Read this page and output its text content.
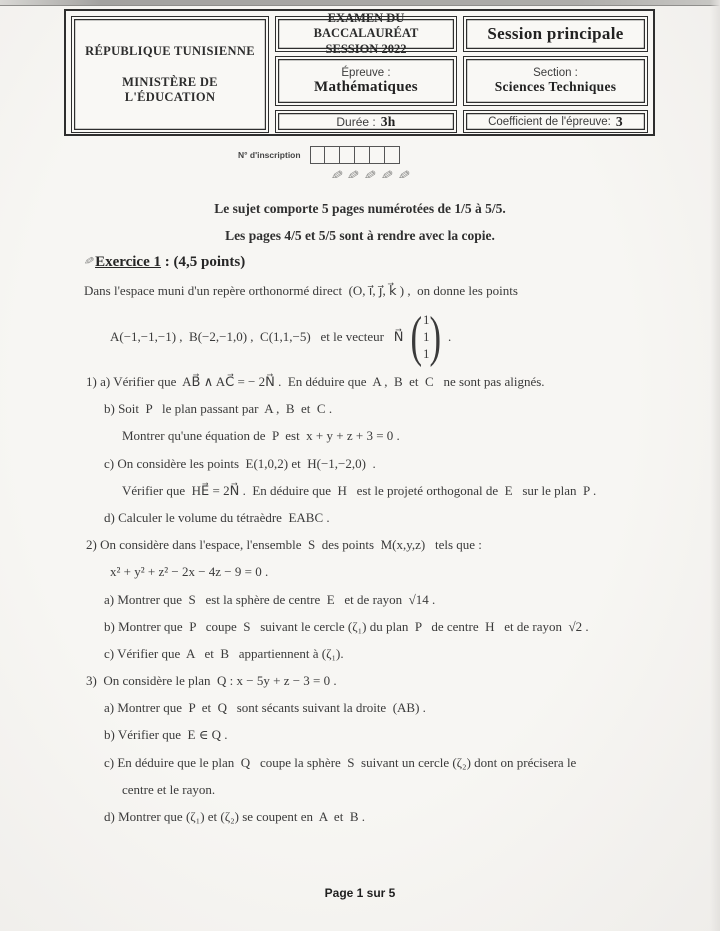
RÉPUBLIQUE TUNISIENNE
MINISTÈRE DE L'ÉDUCATION
EXAMEN DU BACCALAURÉAT
SESSION 2022
Session principale
Épreuve :
Mathématiques
Section :
Sciences Techniques
Durée : 3h	Coefficient de l'épreuve: 3
N° d'inscription
✎ ✎ ✎ ✎ ✎
Le sujet comporte 5 pages numérotées de 1/5 à 5/5.
Les pages 4/5 et 5/5 sont à rendre avec la copie.
✎Exercice 1 : (4,5 points)
Dans l'espace muni d'un repère orthonormé direct  (O, i⃗, j⃗, k⃗ ) ,  on donne les points
A(−1,−1,−1) ,  B(−2,−1,0) ,  C(1,1,−5)   et le vecteur   N⃗ ( 1
1
1 ) .
1) a) Vérifier que  AB⃗ ∧ AC⃗ = − 2N⃗ .  En déduire que  A ,  B  et  C   ne sont pas alignés.
b) Soit  P   le plan passant par  A ,  B  et  C .
Montrer qu'une équation de  P  est  x + y + z + 3 = 0 .
c) On considère les points  E(1,0,2) et  H(−1,−2,0)  .
Vérifier que  HE⃗ = 2N⃗ .  En déduire que  H   est le projeté orthogonal de  E   sur le plan  P .
d) Calculer le volume du tétraèdre  EABC .
2) On considère dans l'espace, l'ensemble  S  des points  M(x,y,z)   tels que :
x² + y² + z² − 2x − 4z − 9 = 0 .
a) Montrer que  S   est la sphère de centre  E   et de rayon  √14 .
b) Montrer que  P   coupe  S   suivant le cercle (ζ₁) du plan  P   de centre  H   et de rayon  √2 .
c) Vérifier que  A   et  B   appartiennent à (ζ₁).
3)  On considère le plan  Q : x − 5y + z − 3 = 0 .
a) Montrer que  P  et  Q   sont sécants suivant la droite  (AB) .
b) Vérifier que  E ∈ Q .
c) En déduire que le plan  Q   coupe la sphère  S  suivant un cercle (ζ₂) dont on précisera le
centre et le rayon.
d) Montrer que (ζ₁) et (ζ₂) se coupent en  A  et  B .
Page 1 sur 5
